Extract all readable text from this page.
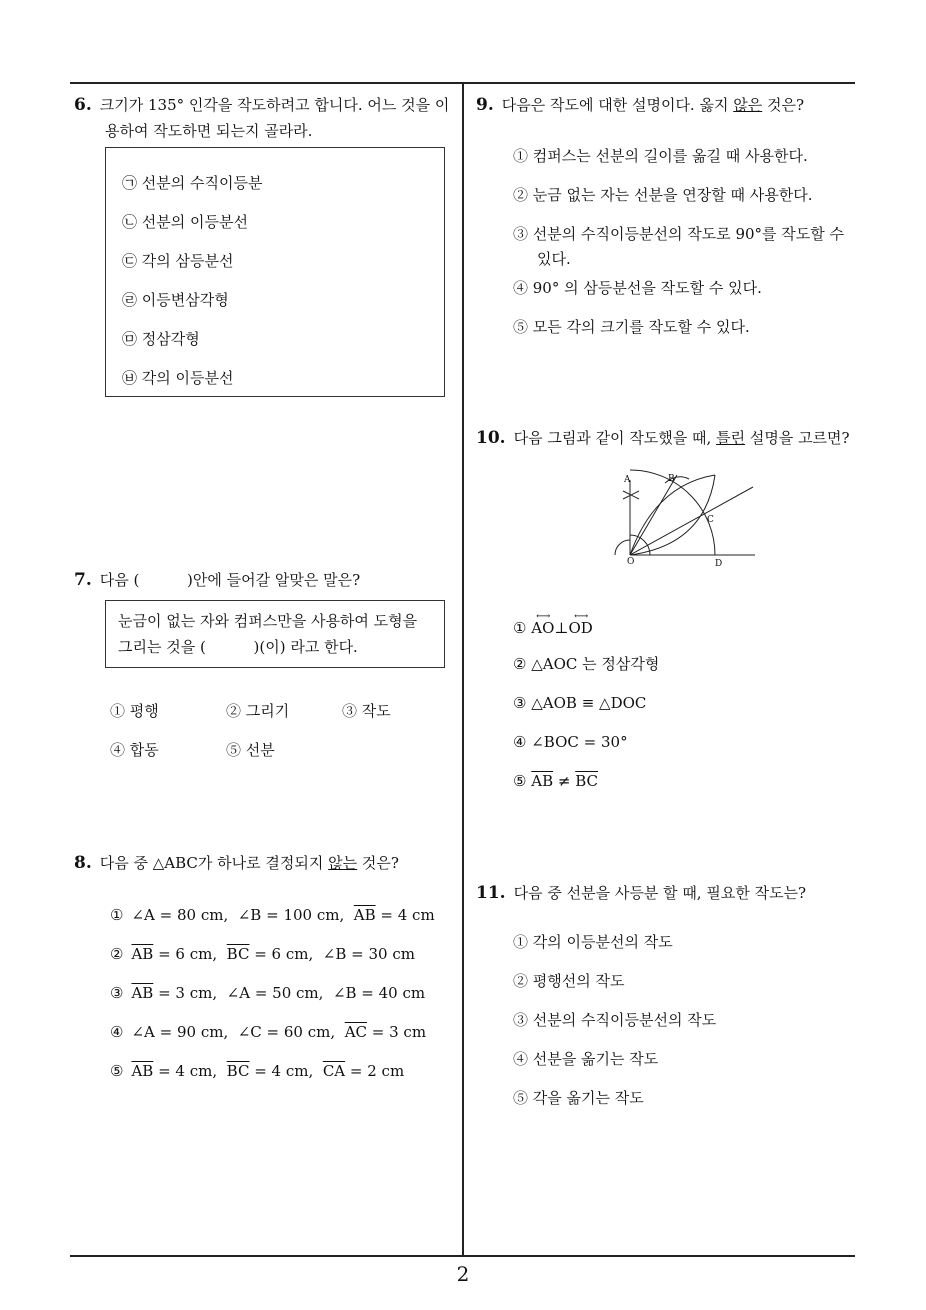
6. 크기가 135° 인각을 작도하려고 합니다. 어느 것을 이
용하여 작도하면 되는지 골라라.
㉠ 선분의 수직이등분
㉡ 선분의 이등분선
㉢ 각의 삼등분선
㉣ 이등변삼각형
㉤ 정삼각형
㉥ 각의 이등분선
7. 다음 (          )안에 들어갈 알맞은 말은?
눈금이 없는 자와 컴퍼스만을 사용하여 도형을
그리는 것을 (          )(이) 라고 한다.
① 평행	② 그리기	③ 작도
④ 합동	⑤ 선분
8. 다음 중 △ABC가 하나로 결정되지 않는 것은?
① ∠A = 80 cm,  ∠B = 100 cm,  $\overline{AB} = 4$ cm
② $\overline{AB} = 6$ cm,  $\overline{BC} = 6$ cm,  ∠B = 30 cm
③ $\overline{AB} = 3$ cm,  ∠A = 50 cm,  ∠B = 40 cm
④ ∠A = 90 cm,  ∠C = 60 cm,  $\overline{AC} = 3$ cm
⑤ $\overline{AB} = 4$ cm,  $\overline{BC} = 4$ cm,  $\overline{CA} = 2$ cm
9. 다음은 작도에 대한 설명이다. 옳지 않은 것은?
① 컴퍼스는 선분의 길이를 옮길 때 사용한다.
② 눈금 없는 자는 선분을 연장할 때 사용한다.
③ 선분의 수직이등분선의 작도로 90°를 작도할 수
있다.
④ 90° 의 삼등분선을 작도할 수 있다.
⑤ 모든 각의 크기를 작도할 수 있다.
10. 다음 그림과 같이 작도했을 때, 틀린 설명을 고르면?
A	B
C
O	D
①
⟷
AO⊥
⟷
OD
② △AOC 는 정삼각형
③ △AOB ≡ △DOC
④ ∠BOC = 30°
⑤ $\overline{AB} \ne \overline{BC}$
11. 다음 중 선분을 사등분 할 때, 필요한 작도는?
① 각의 이등분선의 작도
② 평행선의 작도
③ 선분의 수직이등분선의 작도
④ 선분을 옮기는 작도
⑤ 각을 옮기는 작도
2
